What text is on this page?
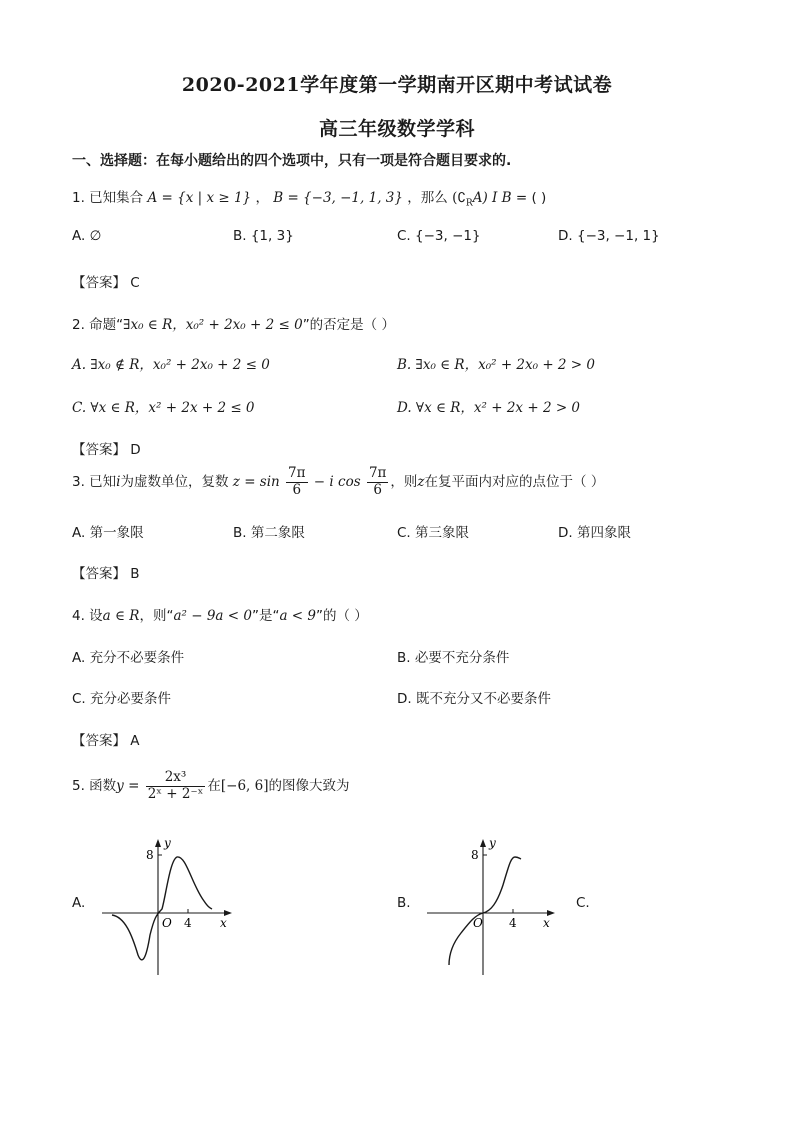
2020-2021学年度第一学期南开区期中考试试卷
高三年级数学学科
一、选择题：在每小题给出的四个选项中，只有一项是符合题目要求的.
1. 已知集合 A = {x | x ≥ 1} ， B = {−3, −1, 1, 3} ，那么 $(∁_RA)$ I B = ( )
A. ∅	B. {1, 3}	C. {−3, −1}	D. {−3, −1, 1}
【答案】 C
2. 命题“∃x₀ ∈ R，x₀² + 2x₀ + 2 ≤ 0”的否定是（ ）
A. ∃x₀ ∉ R，x₀² + 2x₀ + 2 ≤ 0	B. ∃x₀ ∈ R，x₀² + 2x₀ + 2 > 0
C. ∀x ∈ R，x² + 2x + 2 ≤ 0	D. ∀x ∈ R，x² + 2x + 2 > 0
【答案】 D
3. 已知i为虚数单位，复数 $z = \sin \frac{7\pi}{6} - i$ $\cos \frac{7\pi}{6}$ ，则z在复平面内对应的点位于（ ）
A. 第一象限	B. 第二象限	C. 第三象限	D. 第四象限
【答案】 B
4. 设a ∈ R，则“a² − 9a < 0”是“a < 9”的（ ）
A. 充分不必要条件	B. 必要不充分条件
C. 充分必要条件	D. 既不充分又不必要条件
【答案】 A
5. 函数$y = \frac{\text{2x³}}{\text{2ˣ + 2⁻ˣ}}$ 在[−6, 6]的图像大致为
A.	B.	C.
8
y
O 4 x
8
y
O 4 x
